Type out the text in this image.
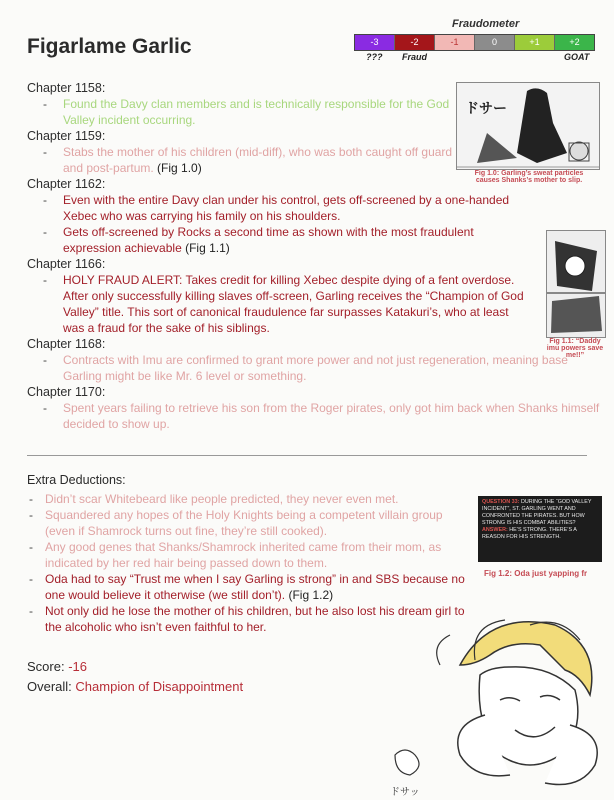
Figarlame Garlic
Fraudometer
-3	-2	-1	0	+1	+2
??? Fraud	GOAT

Chapter 1158:

- Found the Davy clan members and is technically responsible for the God Valley incident occurring.

Chapter 1159:

- Stabs the mother of his children (mid-diff), who was both caught off guard and post-partum. (Fig 1.0)

Chapter 1162:

- Even with the entire Davy clan under his control, gets off-screened by a one-handed Xebec who was carrying his family on his shoulders.
- Gets off-screened by Rocks a second time as shown with the most fraudulent expression achievable (Fig 1.1)

Chapter 1166:

- HOLY FRAUD ALERT: Takes credit for killing Xebec despite dying of a fent overdose. After only successfully killing slaves off-screen, Garling receives the “Champion of God Valley” title. This sort of canonical fraudulence far surpasses Katakuri’s, who at least was a fraud for the sake of his siblings.

Chapter 1168:

- Contracts with Imu are confirmed to grant more power and not just regeneration, meaning base Garling might be like Mr. 6 level or something.

Chapter 1170:

- Spent years failing to retrieve his son from the Roger pirates, only got him back when Shanks himself decided to show up.
ドサー
Fig 1.0: Garling’s sweat particles causes Shanks’s mother to slip.
Fig 1.1: “Daddy imu powers save me!!”
Extra Deductions:
- Didn’t scar Whitebeard like people predicted, they never even met.
- Squandered any hopes of the Holy Knights being a competent villain group (even if Shamrock turns out fine, they’re still cooked).
- Any good genes that Shanks/Shamrock inherited came from their mom, as indicated by her red hair being passed down to them.
- Oda had to say “Trust me when I say Garling is strong” in and SBS because no one would believe it otherwise (we still don’t). (Fig 1.2)
- Not only did he lose the mother of his children, but he also lost his dream girl to the alcoholic who isn’t even faithful to her.
QUESTION 33: DURING THE “GOD VALLEY INCIDENT”, ST. GARLING WENT AND CONFRONTED THE PIRATES. BUT HOW STRONG IS HIS COMBAT ABILITIES?
ANSWER: HE’S STRONG. THERE’S A REASON FOR HIS STRENGTH.
Fig 1.2: Oda just yapping fr
Score: -16
Overall: Champion of Disappointment
ドサッ
